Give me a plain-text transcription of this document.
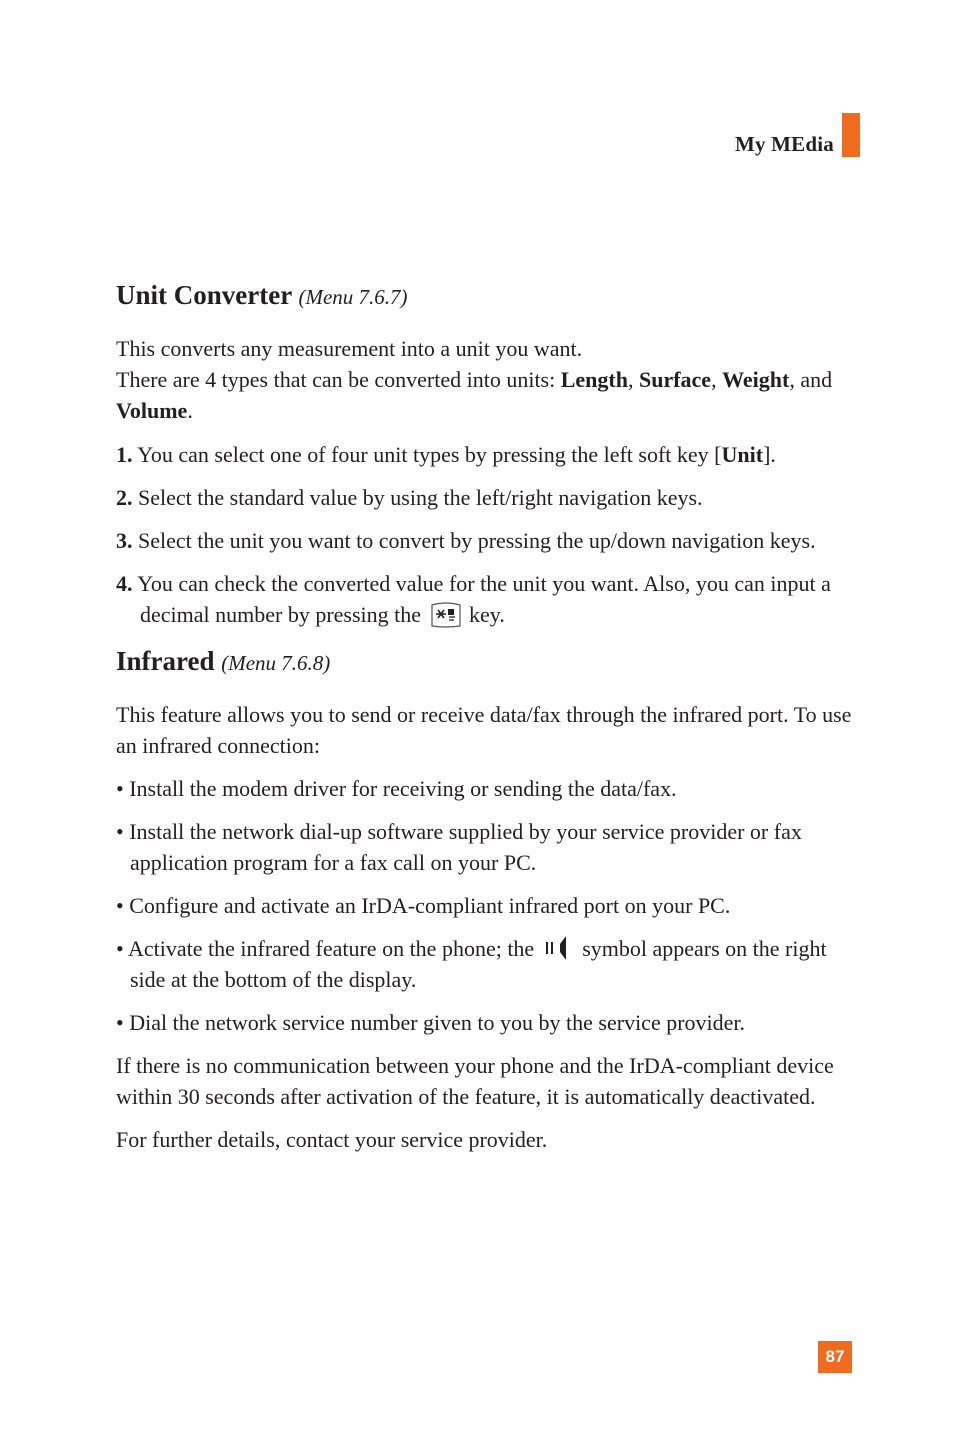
My MEdia
Unit Converter (Menu 7.6.7)

This converts any measurement into a unit you want.

There are 4 types that can be converted into units: Length, Surface, Weight, and Volume.

1. You can select one of four unit types by pressing the left soft key [Unit].

2. Select the standard value by using the left/right navigation keys.

3. Select the unit you want to convert by pressing the up/down navigation keys.

4. You can check the converted value for the unit you want. Also, you can input a decimal number by pressing the key.

Infrared (Menu 7.6.8)

This feature allows you to send or receive data/fax through the infrared port. To use an infrared connection:

• Install the modem driver for receiving or sending the data/fax.

• Install the network dial-up software supplied by your service provider or fax application program for a fax call on your PC.

• Configure and activate an IrDA-compliant infrared port on your PC.

• Activate the infrared feature on the phone; the symbol appears on the right side at the bottom of the display.

• Dial the network service number given to you by the service provider.

If there is no communication between your phone and the IrDA-compliant device within 30 seconds after activation of the feature, it is automatically deactivated.

For further details, contact your service provider.

87
